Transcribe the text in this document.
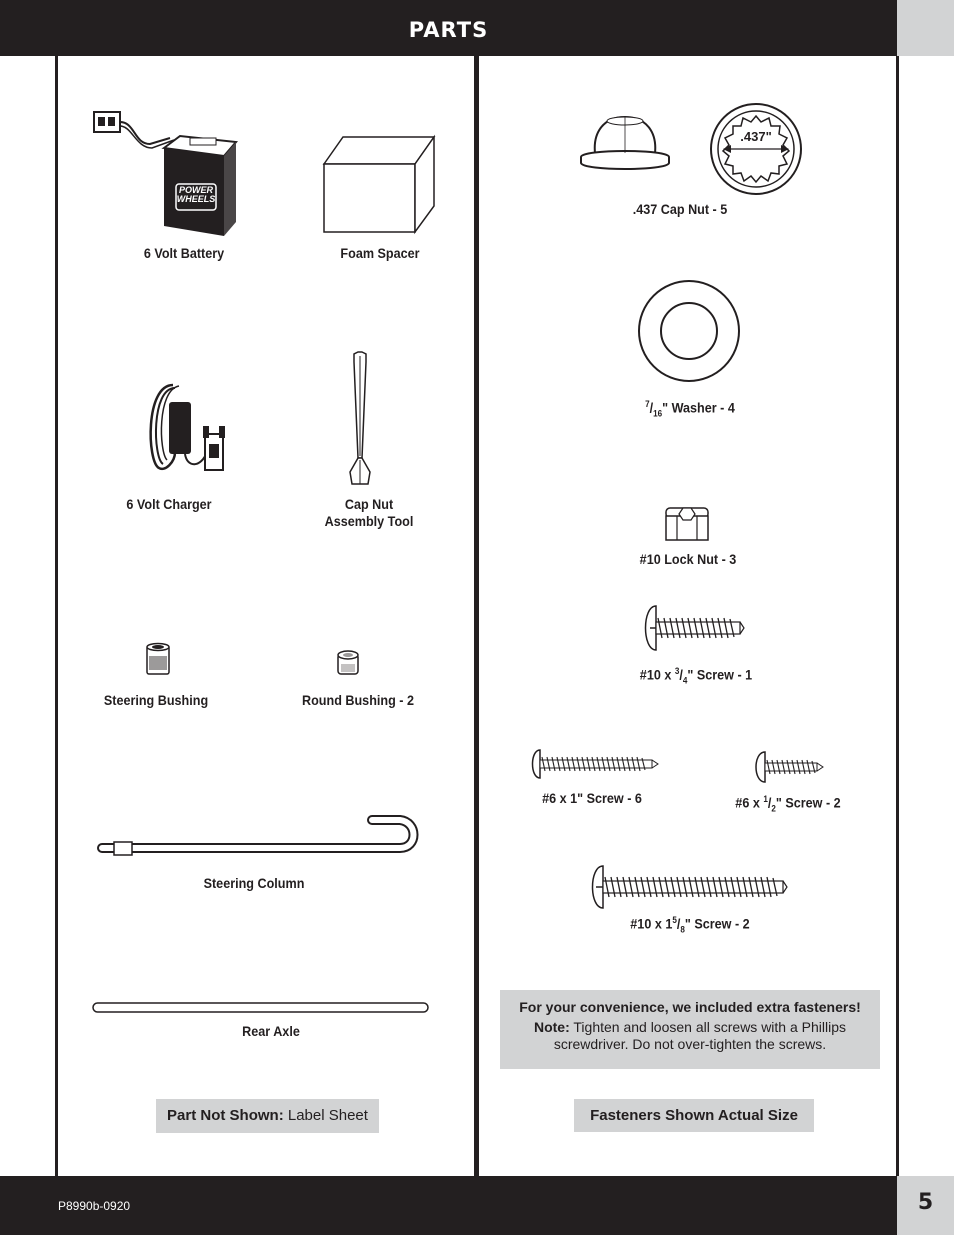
PARTS
POWER
WHEELS
6 Volt Battery	Foam Spacer
6 Volt Charger	Cap Nut
Assembly Tool
Steering Bushing	Round Bushing - 2
Steering Column
Rear Axle
Part Not Shown: Label Sheet
.437"
.437 Cap Nut - 5
$^7/_{16}$" Washer - 4
#10 Lock Nut - 3
#10 x $^3/_4$" Screw - 1
#6 x 1" Screw - 6	#6 x $^1/_2$" Screw - 2
#10 x $1^5/_8$" Screw - 2
For your convenience, we included extra fasteners!
Note: Tighten and loosen all screws with a Phillips
screwdriver. Do not over-tighten the screws.
Fasteners Shown Actual Size
P8990b-0920	5
